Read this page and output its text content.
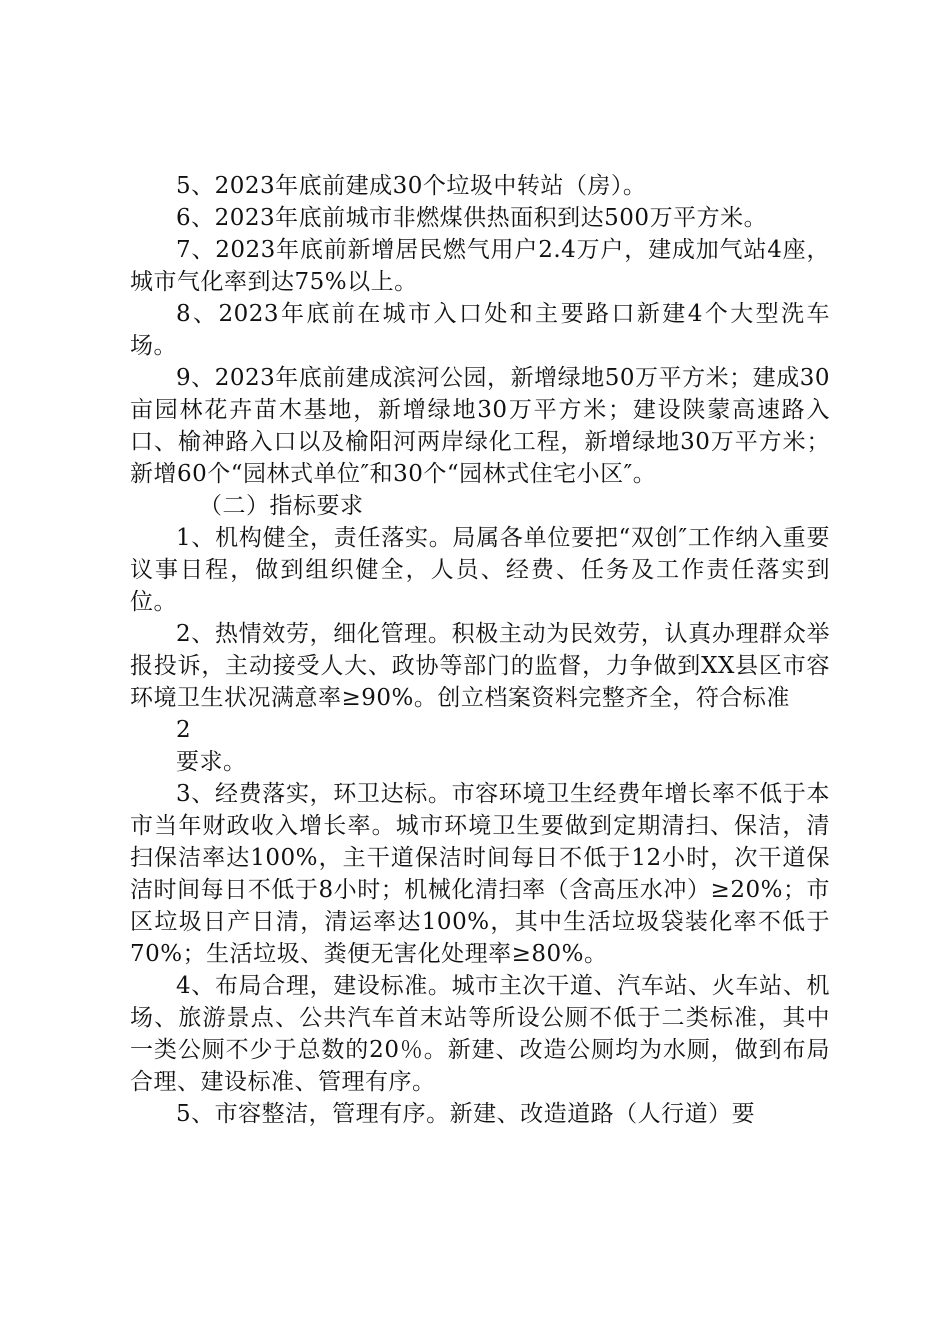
5、2023年底前建成30个垃圾中转站（房）。

6、2023年底前城市非燃煤供热面积到达500万平方米。

7、2023年底前新增居民燃气用户2.4万户，建成加气站4座，城市气化率到达75%以上。

8、2023年底前在城市入口处和主要路口新建4个大型洗车场。

9、2023年底前建成滨河公园，新增绿地50万平方米；建成30亩园林花卉苗木基地，新增绿地30万平方米；建设陕蒙高速路入口、榆神路入口以及榆阳河两岸绿化工程，新增绿地30万平方米；新增60个“园林式单位″和30个“园林式住宅小区″。

（二）指标要求

1、机构健全，责任落实。局属各单位要把“双创″工作纳入重要议事日程，做到组织健全，人员、经费、任务及工作责任落实到位。

2、热情效劳，细化管理。积极主动为民效劳，认真办理群众举报投诉，主动接受人大、政协等部门的监督，力争做到XX县区市容环境卫生状况满意率≥90%。创立档案资料完整齐全，符合标准

2

要求。

3、经费落实，环卫达标。市容环境卫生经费年增长率不低于本市当年财政收入增长率。城市环境卫生要做到定期清扫、保洁，清扫保洁率达100%，主干道保洁时间每日不低于12小时，次干道保洁时间每日不低于8小时；机械化清扫率（含高压水冲）≥20%；市区垃圾日产日清，清运率达100%，其中生活垃圾袋装化率不低于70%；生活垃圾、粪便无害化处理率≥80%。

4、布局合理，建设标准。城市主次干道、汽车站、火车站、机场、旅游景点、公共汽车首末站等所设公厕不低于二类标准，其中一类公厕不少于总数的20％。新建、改造公厕均为水厕，做到布局合理、建设标准、管理有序。

5、市容整洁，管理有序。新建、改造道路（人行道）要
